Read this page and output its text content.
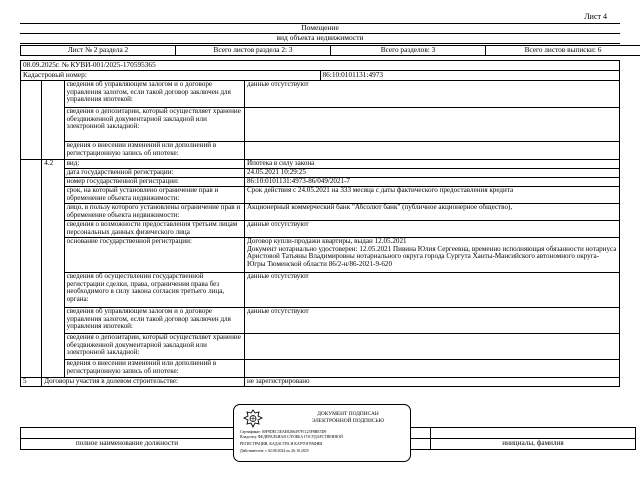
Лист 4
Помещение
вид объекта недвижимости
Лист № 2 раздела 2	Всего листов раздела 2: 3	Всего разделов: 3	Всего листов выписки: 6
08.09.2025г. № КУВИ-001/2025-170595365
Кадастровый номер:	86:10:0101131:4973
		сведения об управляющем залогом и о договоре управления залогом, если такой договор заключен для управления ипотекой:	данные отсутствуют
		сведения о депозитарии, который осуществляет хранение обездвиженной документарной закладной или электронной закладной:	
		ведения о внесении изменений или дополнений в регистрационную запись об ипотеке:	
	4.2	вид:	Ипотека в силу закона
		дата государственной регистрации:	24.05.2021 10:29:25
		номер государственной регистрации:	86:10:0101131:4973-86/049/2021-7
		срок, на который установлено ограничение прав и обременение объекта недвижимости:	Срок действия с 24.05.2021 на 333 месяца с даты фактического предоставления кредита
		лицо, в пользу которого установлены ограничение прав и обременение объекта недвижимости:	Акционерный коммерческий банк "Абсолют банк" (публичное акционерное общество),
		сведения о возможности предоставления третьим лицам персональных данных физического лица	данные отсутствуют
		основание государственной регистрации:	Договор купли-продажи квартиры, выдан 12.05.2021
Документ нотариально удостоверен: 12.05.2021 Пивина Юлия Сергеевна, временно исполняющая обязанности нотариуса Аристовой Татьяны Владимировны нотариального округа города Сургута Ханты-Мансийского автономного округа-Югры Тюменской области 86/2-н/86-2021-9-620
		сведения об осуществлении государственной регистрации сделки, права, ограничения права без необходимого в силу закона согласия третьего лица, органа:	данные отсутствуют
		сведения об управляющем залогом и о договоре управления залогом, если такой договор заключен для управления ипотекой:	данные отсутствуют
		сведения о депозитарии, который осуществляет хранение обездвиженной документарной закладной или электронной закладной:	
		ведения о внесении изменений или дополнений в регистрационную запись об ипотеке:	
5	Договоры участия в долевом строительстве:		не зарегистрировано

полное наименование должности		инициалы, фамилия
ДОКУМЕНТ ПОДПИСАН
ЭЛЕКТРОННОЙ ПОДПИСЬЮ
Сертификат: 00F9DEC3EAE8286497F1125F8BE5D9
Владелец: ФЕДЕРАЛЬНАЯ СЛУЖБА ГОСУДАРСТВЕННОЙ
РЕГИСТРАЦИИ, КАДАСТРА И КАРТОГРАФИИ
Действителен: с 02.08.2024 по 26.10.2025
